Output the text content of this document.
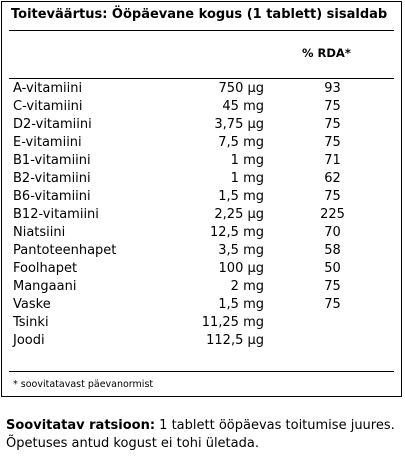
Toiteväärtus: Ööpäevane kogus (1 tablett) sisaldab
% RDA*
A-vitamiini	750 µg	93
C-vitamiini	45 mg	75
D2-vitamiini	3,75 µg	75
E-vitamiini	7,5 mg	75
B1-vitamiini	1 mg	71
B2-vitamiini	1 mg	62
B6-vitamiini	1,5 mg	75
B12-vitamiini	2,25 µg	225
Niatsiini	12,5 mg	70
Pantoteenhapet	3,5 mg	58
Foolhapet	100 µg	50
Mangaani	2 mg	75
Vaske	1,5 mg	75
Tsinki	11,25 mg
Joodi	112,5 µg
* soovitatavast päevanormist
Soovitatav ratsioon: 1 tablett ööpäevas toitumise juures.
Õpetuses antud kogust ei tohi ületada.
